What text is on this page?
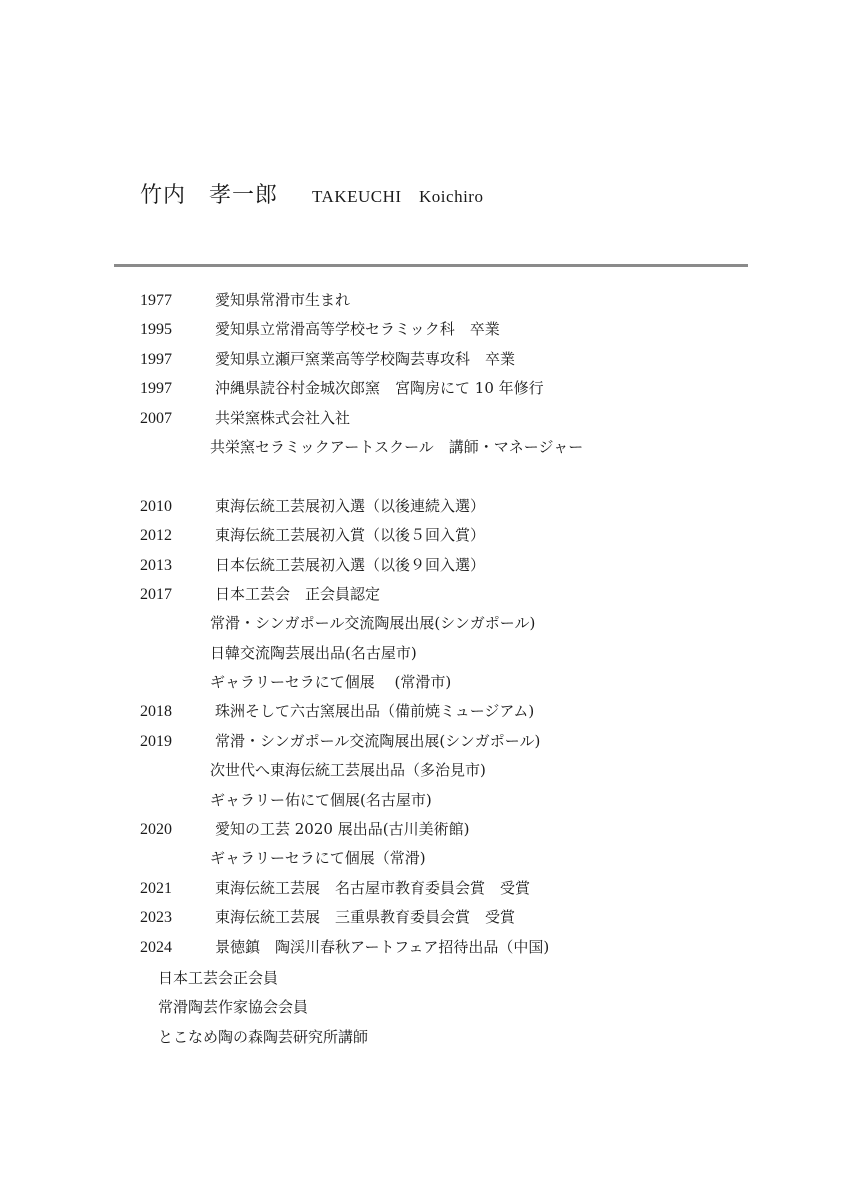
竹内　孝一郎 TAKEUCHI　Koichiro
1977	愛知県常滑市生まれ
1995	愛知県立常滑高等学校セラミック科　卒業
1997	愛知県立瀬戸窯業高等学校陶芸専攻科　卒業
1997	沖縄県読谷村金城次郎窯　宮陶房にて 10 年修行
2007	共栄窯株式会社入社
共栄窯セラミックアートスクール　講師・マネージャー
2010	東海伝統工芸展初入選（以後連続入選）
2012	東海伝統工芸展初入賞（以後５回入賞）
2013	日本伝統工芸展初入選（以後９回入選）
2017	日本工芸会　正会員認定
常滑・シンガポール交流陶展出展(シンガポール)
日韓交流陶芸展出品(名古屋市)
ギャラリーセラにて個展　 (常滑市)
2018	珠洲そして六古窯展出品（備前焼ミュージアム)
2019	常滑・シンガポール交流陶展出展(シンガポール)
次世代へ東海伝統工芸展出品（多治見市)
ギャラリー佑にて個展(名古屋市)
2020	愛知の工芸 2020 展出品(古川美術館)
ギャラリーセラにて個展（常滑)
2021	東海伝統工芸展　名古屋市教育委員会賞　受賞
2023	東海伝統工芸展　三重県教育委員会賞　受賞
2024	景徳鎮　陶渓川春秋アートフェア招待出品（中国)
日本工芸会正会員
常滑陶芸作家協会会員
とこなめ陶の森陶芸研究所講師
